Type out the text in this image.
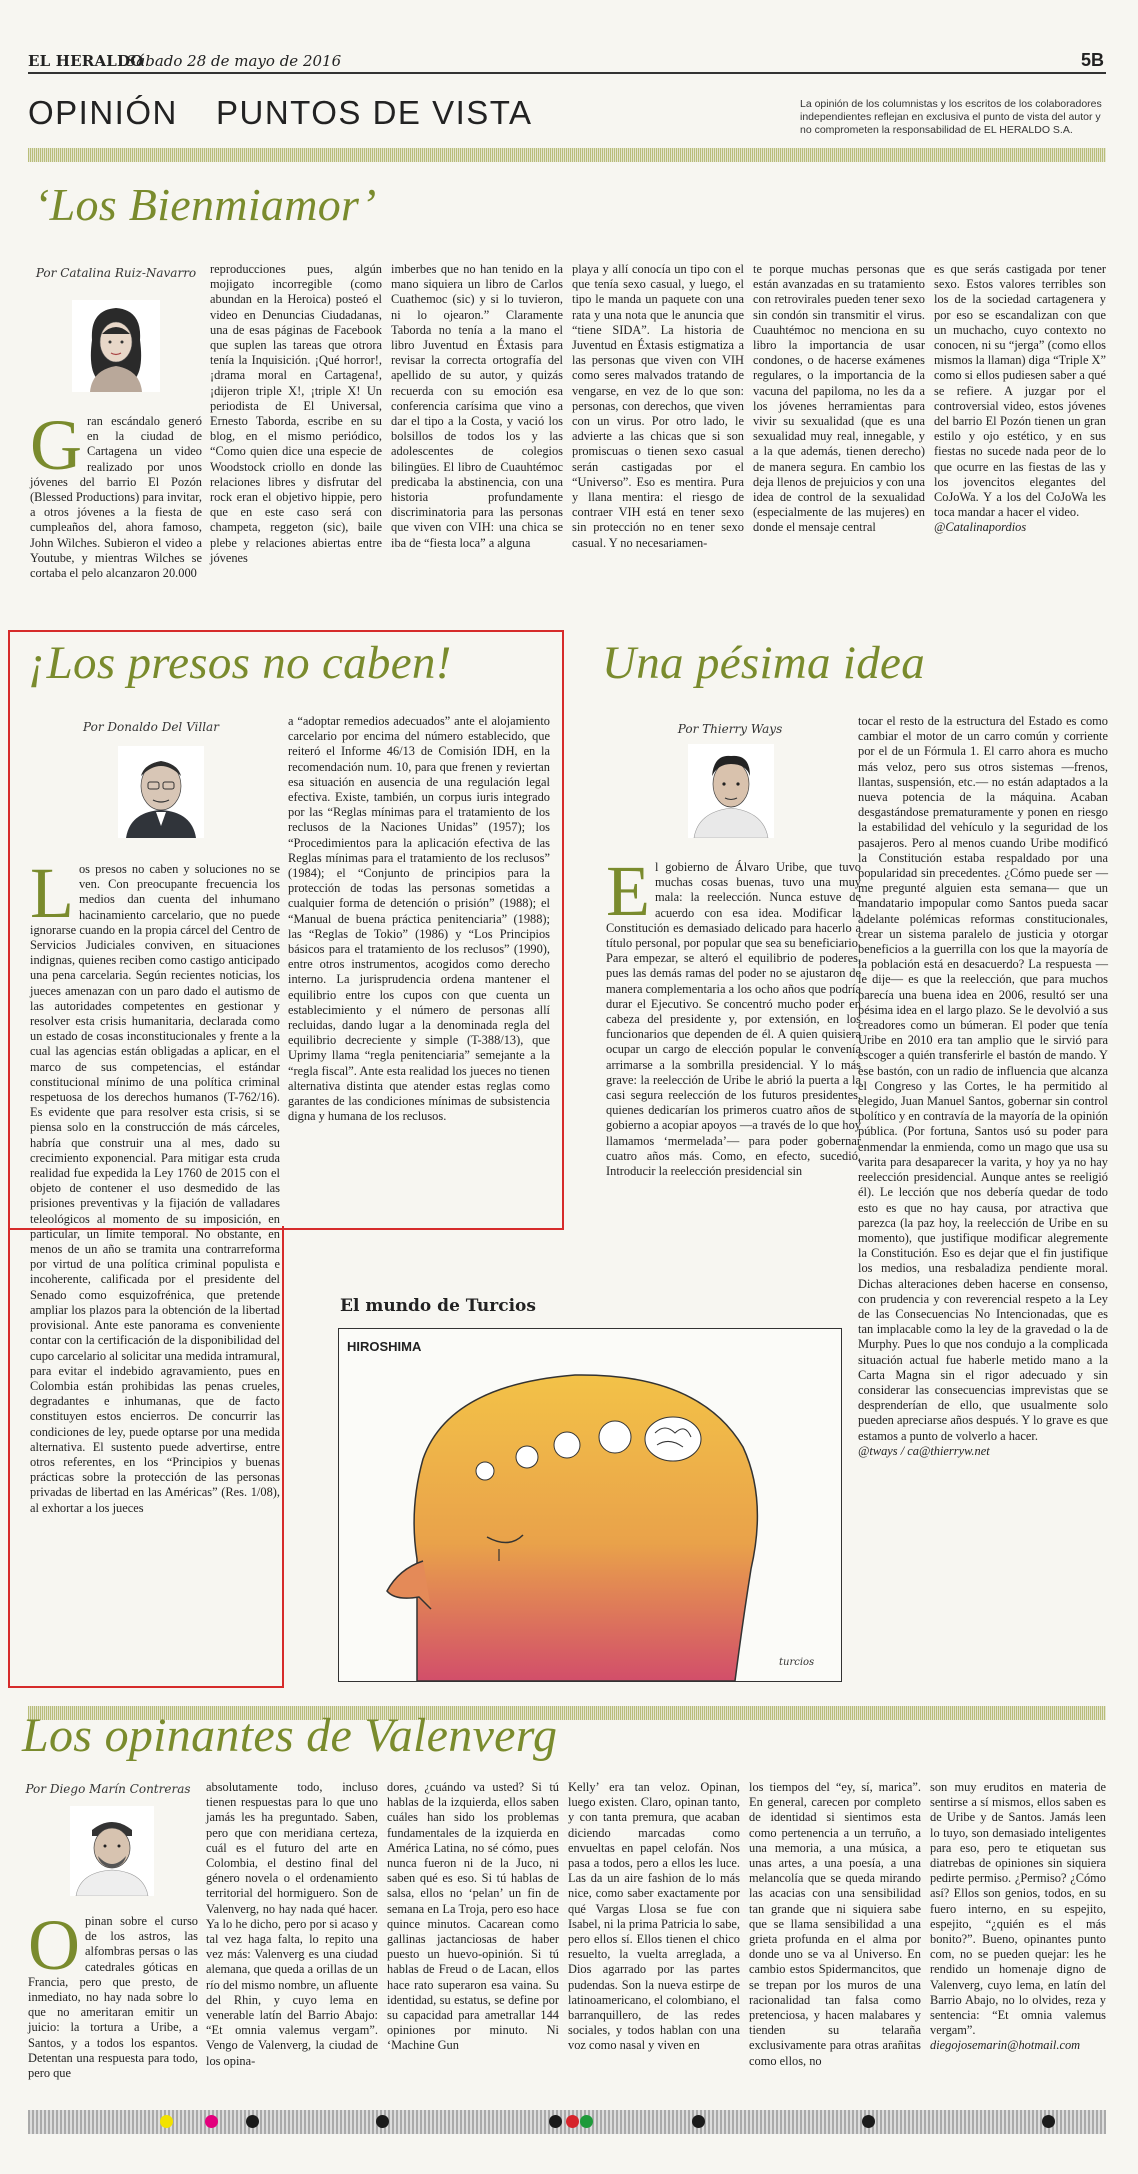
EL HERALDO
Sábado 28 de mayo de 2016	5B
OPINIÓN PUNTOS DE VISTA	La opinión de los columnistas y los escritos de los colaboradores independientes reflejan en exclusiva el punto de vista del autor y no comprometen la responsabilidad de EL HERALDO S.A.
‘Los Bienmiamor’
Por Catalina Ruiz-Navarro
Gran escándalo generó en la ciudad de Cartagena un video realizado por unos jóvenes del barrio El Pozón (Blessed Productions) para invitar, a otros jóvenes a la fiesta de cumpleaños del, ahora famoso, John Wilches. Subieron el video a Youtube, y mientras Wilches se cortaba el pelo alcanzaron 20.000
reproducciones pues, algún mojigato incorregible (como abundan en la Heroica) posteó el video en Denuncias Ciudadanas, una de esas páginas de Facebook que suplen las tareas que otrora tenía la Inquisición. ¡Qué horror!, ¡drama moral en Cartagena!, ¡dijeron triple X!, ¡triple X! Un periodista de El Universal, Ernesto Taborda, escribe en su blog, en el mismo periódico, “Como quien dice una especie de Woodstock criollo en donde las relaciones libres y disfrutar del rock eran el objetivo hippie, pero que en este caso será con champeta, reggeton (sic), baile plebe y relaciones abiertas entre jóvenes
imberbes que no han tenido en la mano siquiera un libro de Carlos Cuathemoc (sic) y si lo tuvieron, ni lo ojearon.” Claramente Taborda no tenía a la mano el libro Juventud en Éxtasis para revisar la correcta ortografía del apellido de su autor, y quizás recuerda con su emoción esa conferencia carísima que vino a dar el tipo a la Costa, y vació los bolsillos de todos los y las adolescentes de colegios bilingües. El libro de Cuauhtémoc predicaba la abstinencia, con una historia profundamente discriminatoria para las personas que viven con VIH: una chica se iba de “fiesta loca” a alguna
playa y allí conocía un tipo con el que tenía sexo casual, y luego, el tipo le manda un paquete con una rata y una nota que le anuncia que “tiene SIDA”. La historia de Juventud en Éxtasis estigmatiza a las personas que viven con VIH como seres malvados tratando de vengarse, en vez de lo que son: personas, con derechos, que viven con un virus. Por otro lado, le advierte a las chicas que si son promiscuas o tienen sexo casual serán castigadas por el “Universo”. Eso es mentira. Pura y llana mentira: el riesgo de contraer VIH está en tener sexo sin protección no en tener sexo casual. Y no necesariamen-
te porque muchas personas que están avanzadas en su tratamiento con retrovirales pueden tener sexo sin condón sin transmitir el virus. Cuauhtémoc no menciona en su libro la importancia de usar condones, o de hacerse exámenes regulares, o la importancia de la vacuna del papiloma, no les da a los jóvenes herramientas para vivir su sexualidad (que es una sexualidad muy real, innegable, y a la que además, tienen derecho) de manera segura. En cambio los deja llenos de prejuicios y con una idea de control de la sexualidad (especialmente de las mujeres) en donde el mensaje central
es que serás castigada por tener sexo. Estos valores terribles son los de la sociedad cartagenera y por eso se escandalizan con que un muchacho, cuyo contexto no conocen, ni su “jerga” (como ellos mismos la llaman) diga “Triple X” como si ellos pudiesen saber a qué se refiere. A juzgar por el controversial video, estos jóvenes del barrio El Pozón tienen un gran estilo y ojo estético, y en sus fiestas no sucede nada peor de lo que ocurre en las fiestas de las y los jovencitos elegantes del CoJoWa. Y a los del CoJoWa les toca mandar a hacer el video.
@Catalinapordios
¡Los presos no caben!
Por Donaldo Del Villar
Los presos no caben y soluciones no se ven. Con preocupante frecuencia los medios dan cuenta del inhumano hacinamiento carcelario, que no puede ignorarse cuando en la propia cárcel del Centro de Servicios Judiciales conviven, en situaciones indignas, quienes reciben como castigo anticipado una pena carcelaria. Según recientes noticias, los jueces amenazan con un paro dado el autismo de las autoridades competentes en gestionar y resolver esta crisis humanitaria, declarada como un estado de cosas inconstitucionales y frente a la cual las agencias están obligadas a aplicar, en el marco de sus competencias, el estándar constitucional mínimo de una política criminal respetuosa de los derechos humanos (T-762/16). Es evidente que para resolver esta crisis, si se piensa solo en la construcción de más cárceles, habría que construir una al mes, dado su crecimiento exponencial. Para mitigar esta cruda realidad fue expedida la Ley 1760 de 2015 con el objeto de contener el uso desmedido de las prisiones preventivas y la fijación de valladares teleológicos al momento de su imposición, en particular, un límite temporal. No obstante, en menos de un año se tramita una contrarreforma por virtud de una política criminal populista e incoherente, calificada por el presidente del Senado como esquizofrénica, que pretende ampliar los plazos para la obtención de la libertad provisional. Ante este panorama es conveniente contar con la certificación de la disponibilidad del cupo carcelario al solicitar una medida intramural, para evitar el indebido agravamiento, pues en Colombia están prohibidas las penas crueles, degradantes e inhumanas, que de facto constituyen estos encierros. De concurrir las condiciones de ley, puede optarse por una medida alternativa. El sustento puede advertirse, entre otros referentes, en los “Principios y buenas prácticas sobre la protección de las personas privadas de libertad en las Américas” (Res. 1/08), al exhortar a los jueces
a “adoptar remedios adecuados” ante el alojamiento carcelario por encima del número establecido, que reiteró el Informe 46/13 de Comisión IDH, en la recomendación num. 10, para que frenen y reviertan esa situación en ausencia de una regulación legal efectiva. Existe, también, un corpus iuris integrado por las “Reglas mínimas para el tratamiento de los reclusos de la Naciones Unidas” (1957); los “Procedimientos para la aplicación efectiva de las Reglas mínimas para el tratamiento de los reclusos” (1984); el “Conjunto de principios para la protección de todas las personas sometidas a cualquier forma de detención o prisión” (1988); el “Manual de buena práctica penitenciaria” (1988); las “Reglas de Tokio” (1986) y “Los Principios básicos para el tratamiento de los reclusos” (1990), entre otros instrumentos, acogidos como derecho interno. La jurisprudencia ordena mantener el equilibrio entre los cupos con que cuenta un establecimiento y el número de personas allí recluidas, dando lugar a la denominada regla del equilibrio decreciente y simple (T-388/13), que Uprimy llama “regla penitenciaria” semejante a la “regla fiscal”. Ante esta realidad los jueces no tienen alternativa distinta que atender estas reglas como garantes de las condiciones mínimas de subsistencia digna y humana de los reclusos.
Una pésima idea
Por Thierry Ways
El gobierno de Álvaro Uribe, que tuvo muchas cosas buenas, tuvo una muy mala: la reelección. Nunca estuve de acuerdo con esa idea. Modificar la Constitución es demasiado delicado para hacerlo a título personal, por popular que sea su beneficiario. Para empezar, se alteró el equilibrio de poderes, pues las demás ramas del poder no se ajustaron de manera complementaria a los ocho años que podría durar el Ejecutivo. Se concentró mucho poder en cabeza del presidente y, por extensión, en los funcionarios que dependen de él. A quien quisiera ocupar un cargo de elección popular le convenía arrimarse a la sombrilla presidencial. Y lo más grave: la reelección de Uribe le abrió la puerta a la casi segura reelección de los futuros presidentes, quienes dedicarían los primeros cuatro años de su gobierno a acopiar apoyos —a través de lo que hoy llamamos ‘mermelada’— para poder gobernar cuatro años más. Como, en efecto, sucedió. Introducir la reelección presidencial sin
tocar el resto de la estructura del Estado es como cambiar el motor de un carro común y corriente por el de un Fórmula 1. El carro ahora es mucho más veloz, pero sus otros sistemas —frenos, llantas, suspensión, etc.— no están adaptados a la nueva potencia de la máquina. Acaban desgastándose prematuramente y ponen en riesgo la estabilidad del vehículo y la seguridad de los pasajeros. Pero al menos cuando Uribe modificó la Constitución estaba respaldado por una popularidad sin precedentes. ¿Cómo puede ser —me pregunté alguien esta semana— que un mandatario impopular como Santos pueda sacar adelante polémicas reformas constitucionales, crear un sistema paralelo de justicia y otorgar beneficios a la guerrilla con los que la mayoría de la población está en desacuerdo? La respuesta —le dije— es que la reelección, que para muchos parecía una buena idea en 2006, resultó ser una pésima idea en el largo plazo. Se le devolvió a sus creadores como un búmeran. El poder que tenía Uribe en 2010 era tan amplio que le sirvió para escoger a quién transferirle el bastón de mando. Y ese bastón, con un radio de influencia que alcanza el Congreso y las Cortes, le ha permitido al elegido, Juan Manuel Santos, gobernar sin control político y en contravía de la mayoría de la opinión pública. (Por fortuna, Santos usó su poder para enmendar la enmienda, como un mago que usa su varita para desaparecer la varita, y hoy ya no hay reelección presidencial. Aunque antes se reeligió él). Le lección que nos debería quedar de todo esto es que no hay causa, por atractiva que parezca (la paz hoy, la reelección de Uribe en su momento), que justifique modificar alegremente la Constitución. Eso es dejar que el fin justifique los medios, una resbaladiza pendiente moral. Dichas alteraciones deben hacerse en consenso, con prudencia y con reverencial respeto a la Ley de las Consecuencias No Intencionadas, que es tan implacable como la ley de la gravedad o la de Murphy. Pues lo que nos condujo a la complicada situación actual fue haberle metido mano a la Carta Magna sin el rigor adecuado y sin considerar las consecuencias imprevistas que se desprenderían de ello, que usualmente solo pueden apreciarse años después. Y lo grave es que estamos a punto de volverlo a hacer.
@tways / ca@thierryw.net
El mundo de Turcios
HIROSHIMA
turcios
Los opinantes de Valenverg
Por Diego Marín Contreras
Opinan sobre el curso de los astros, las alfombras persas o las catedrales góticas en Francia, pero que presto, de inmediato, no hay nada sobre lo que no ameritaran emitir un juicio: la tortura a Uribe, a Santos, y a todos los espantos. Detentan una respuesta para todo, pero que
absolutamente todo, incluso tienen respuestas para lo que uno jamás les ha preguntado. Saben, pero que con meridiana certeza, cuál es el futuro del arte en Colombia, el destino final del género novela o el ordenamiento territorial del hormiguero. Son de Valenverg, no hay nada qué hacer. Ya lo he dicho, pero por si acaso y tal vez haga falta, lo repito una vez más: Valenverg es una ciudad alemana, que queda a orillas de un río del mismo nombre, un afluente del Rhin, y cuyo lema en venerable latín del Barrio Abajo: “Et omnia valemus vergam”. Vengo de Valenverg, la ciudad de los opina-
dores, ¿cuándo va usted? Si tú hablas de la izquierda, ellos saben cuáles han sido los problemas fundamentales de la izquierda en América Latina, no sé cómo, pues nunca fueron ni de la Juco, ni saben qué es eso. Si tú hablas de salsa, ellos no ‘pelan’ un fin de semana en La Troja, pero eso hace quince minutos. Cacarean como gallinas jactanciosas de haber puesto un huevo-opinión. Si tú hablas de Freud o de Lacan, ellos hace rato superaron esa vaina. Su identidad, su estatus, se define por su capacidad para ametrallar 144 opiniones por minuto. Ni ‘Machine Gun
Kelly’ era tan veloz. Opinan, luego existen. Claro, opinan tanto, y con tanta premura, que acaban diciendo marcadas como envueltas en papel celofán. Nos pasa a todos, pero a ellos les luce. Las da un aire fashion de lo más nice, como saber exactamente por qué Vargas Llosa se fue con Isabel, ni la prima Patricia lo sabe, pero ellos sí. Ellos tienen el chico resuelto, la vuelta arreglada, a Dios agarrado por las partes pudendas. Son la nueva estirpe de latinoamericano, el colombiano, el barranquillero, de las redes sociales, y todos hablan con una voz como nasal y viven en
los tiempos del “ey, sí, marica”. En general, carecen por completo de identidad si sientimos esta como pertenencia a un terruño, a una memoria, a una música, a unas artes, a una poesía, a una melancolía que se queda mirando las acacias con una sensibilidad tan grande que ni siquiera sabe que se llama sensibilidad a una grieta profunda en el alma por donde uno se va al Universo. En cambio estos Spidermancitos, que se trepan por los muros de una racionalidad tan falsa como pretenciosa, y hacen malabares y tienden su telaraña exclusivamente para otras arañitas como ellos, no
son muy eruditos en materia de sentirse a sí mismos, ellos saben es de Uribe y de Santos. Jamás leen lo tuyo, son demasiado inteligentes para eso, pero te etiquetan sus diatrebas de opiniones sin siquiera pedirte permiso. ¿Permiso? ¿Cómo así? Ellos son genios, todos, en su fuero interno, en su espejito, espejito, “¿quién es el más bonito?”. Bueno, opinantes punto com, no se pueden quejar: les he rendido un homenaje digno de Valenverg, cuyo lema, en latín del Barrio Abajo, no lo olvides, reza y sentencia: “Et omnia valemus vergam”.
diegojosemarin@hotmail.com
